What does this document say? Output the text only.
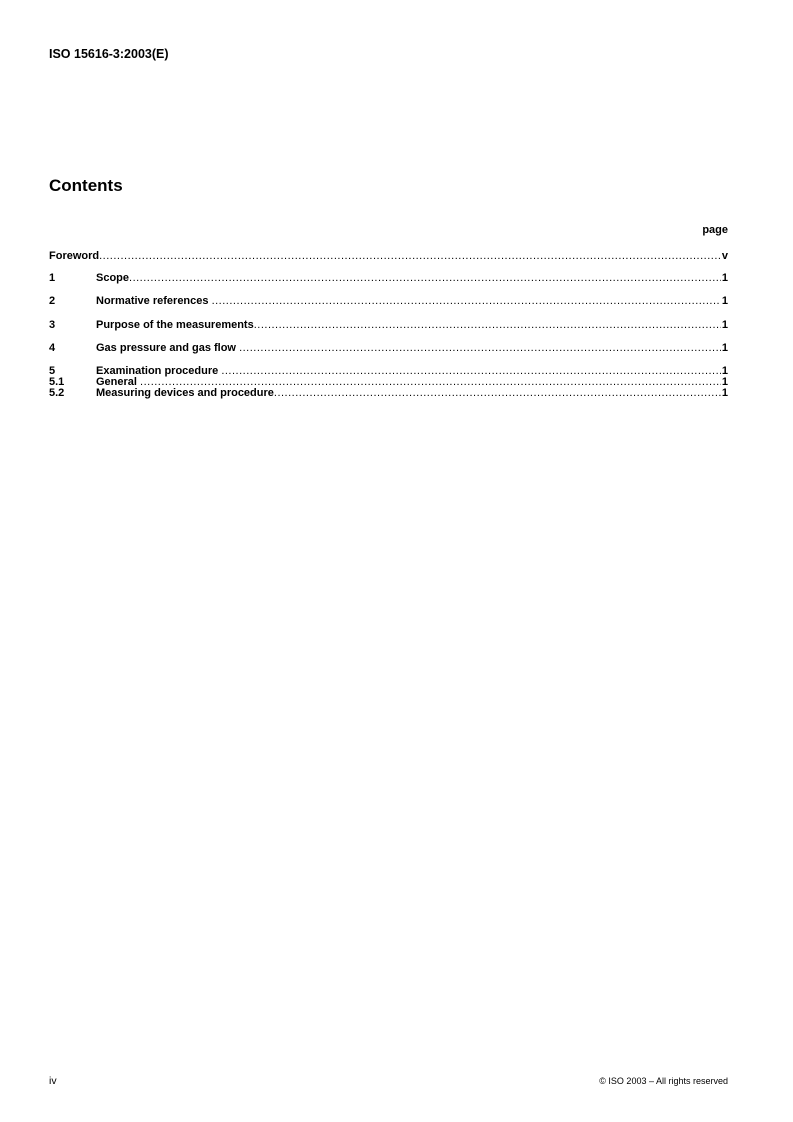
ISO 15616-3:2003(E)
Contents
page
Foreword .....	v
1	Scope .....	1
2	Normative references .....	1
3	Purpose of the measurements .....	1
4	Gas pressure and gas flow .....	1
5	Examination procedure .....	1
5.1	General .....	1
5.2	Measuring devices and procedure .....	1
iv	© ISO 2003 – All rights reserved
